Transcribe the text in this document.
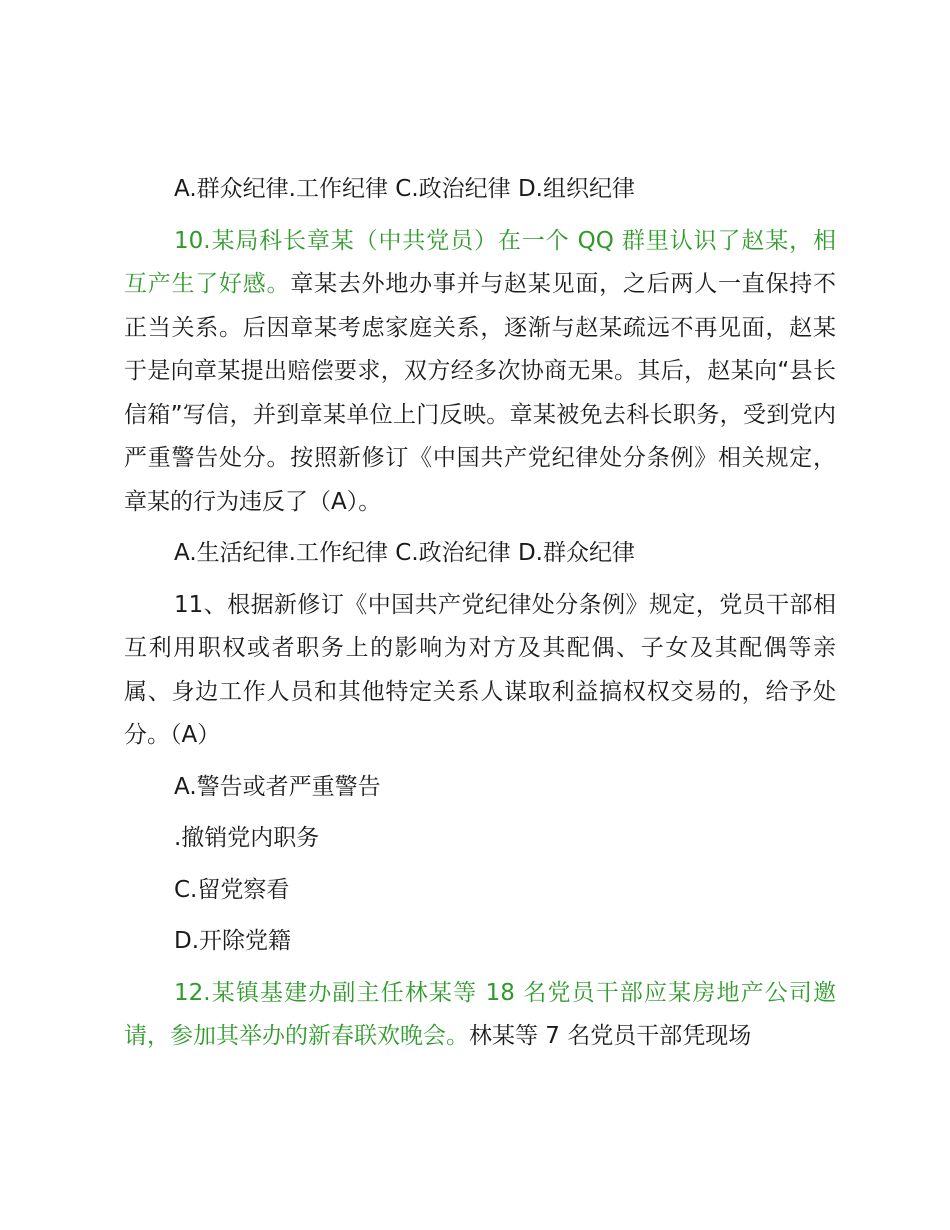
A.群众纪律.工作纪律 C.政治纪律 D.组织纪律

10.某局科长章某（中共党员）在一个 QQ 群里认识了赵某，相互产生了好感。章某去外地办事并与赵某见面，之后两人一直保持不正当关系。后因章某考虑家庭关系，逐渐与赵某疏远不再见面，赵某于是向章某提出赔偿要求，双方经多次协商无果。其后，赵某向“县长信箱”写信，并到章某单位上门反映。章某被免去科长职务，受到党内严重警告处分。按照新修订《中国共产党纪律处分条例》相关规定，章某的行为违反了（A）。

A.生活纪律.工作纪律 C.政治纪律 D.群众纪律

11、根据新修订《中国共产党纪律处分条例》规定，党员干部相互利用职权或者职务上的影响为对方及其配偶、子女及其配偶等亲属、身边工作人员和其他特定关系人谋取利益搞权权交易的，给予处分。（A）

A.警告或者严重警告

.撤销党内职务

C.留党察看

D.开除党籍

12.某镇基建办副主任林某等 18 名党员干部应某房地产公司邀请，参加其举办的新春联欢晚会。林某等 7 名党员干部凭现场
